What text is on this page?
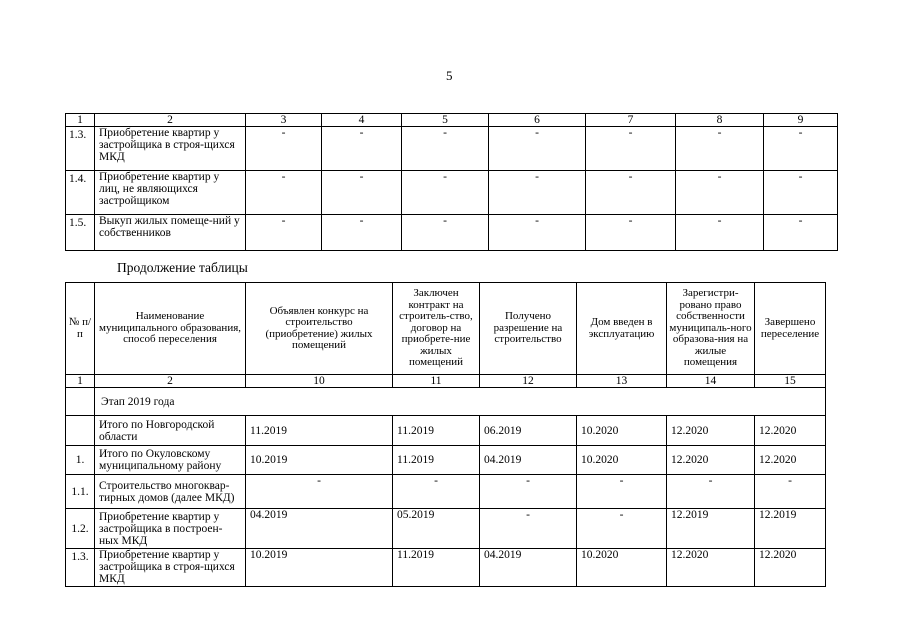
5
1	2	3	4	5	6	7	8	9
1.3.	Приобретение квартир у застройщика в строя-щихся МКД	-	-	-	-	-	-	-
1.4.	Приобретение квартир у лиц, не являющихся застройщиком	-	-	-	-	-	-	-
1.5.	Выкуп жилых помеще-ний у собственников	-	-	-	-	-	-	-
Продолжение таблицы
№ п/п	Наименование муниципального образования, способ переселения	Объявлен конкурс на строительство (приобретение) жилых помещений	Заключен контракт на строитель-ство, договор на приобрете-ние жилых помещений	Получено разрешение на строительство	Дом введен в эксплуатацию	Зарегистри-ровано право собственности муниципаль-ного образова-ния на жилые помещения	Завершено переселение
1	2	10	11	12	13	14	15
	Этап 2019 года						
	Итого по Новгородской области	11.2019	11.2019	06.2019	10.2020	12.2020	12.2020
1.	Итого по Окуловскому муниципальному району	10.2019	11.2019	04.2019	10.2020	12.2020	12.2020
1.1.	Строительство многоквар-тирных домов (далее МКД)	-	-	-	-	-	-
1.2.	Приобретение квартир у застройщика в построен-ных МКД	04.2019	05.2019	-	-	12.2019	12.2019
1.3.	Приобретение квартир у застройщика в строя-щихся МКД	10.2019	11.2019	04.2019	10.2020	12.2020	12.2020
